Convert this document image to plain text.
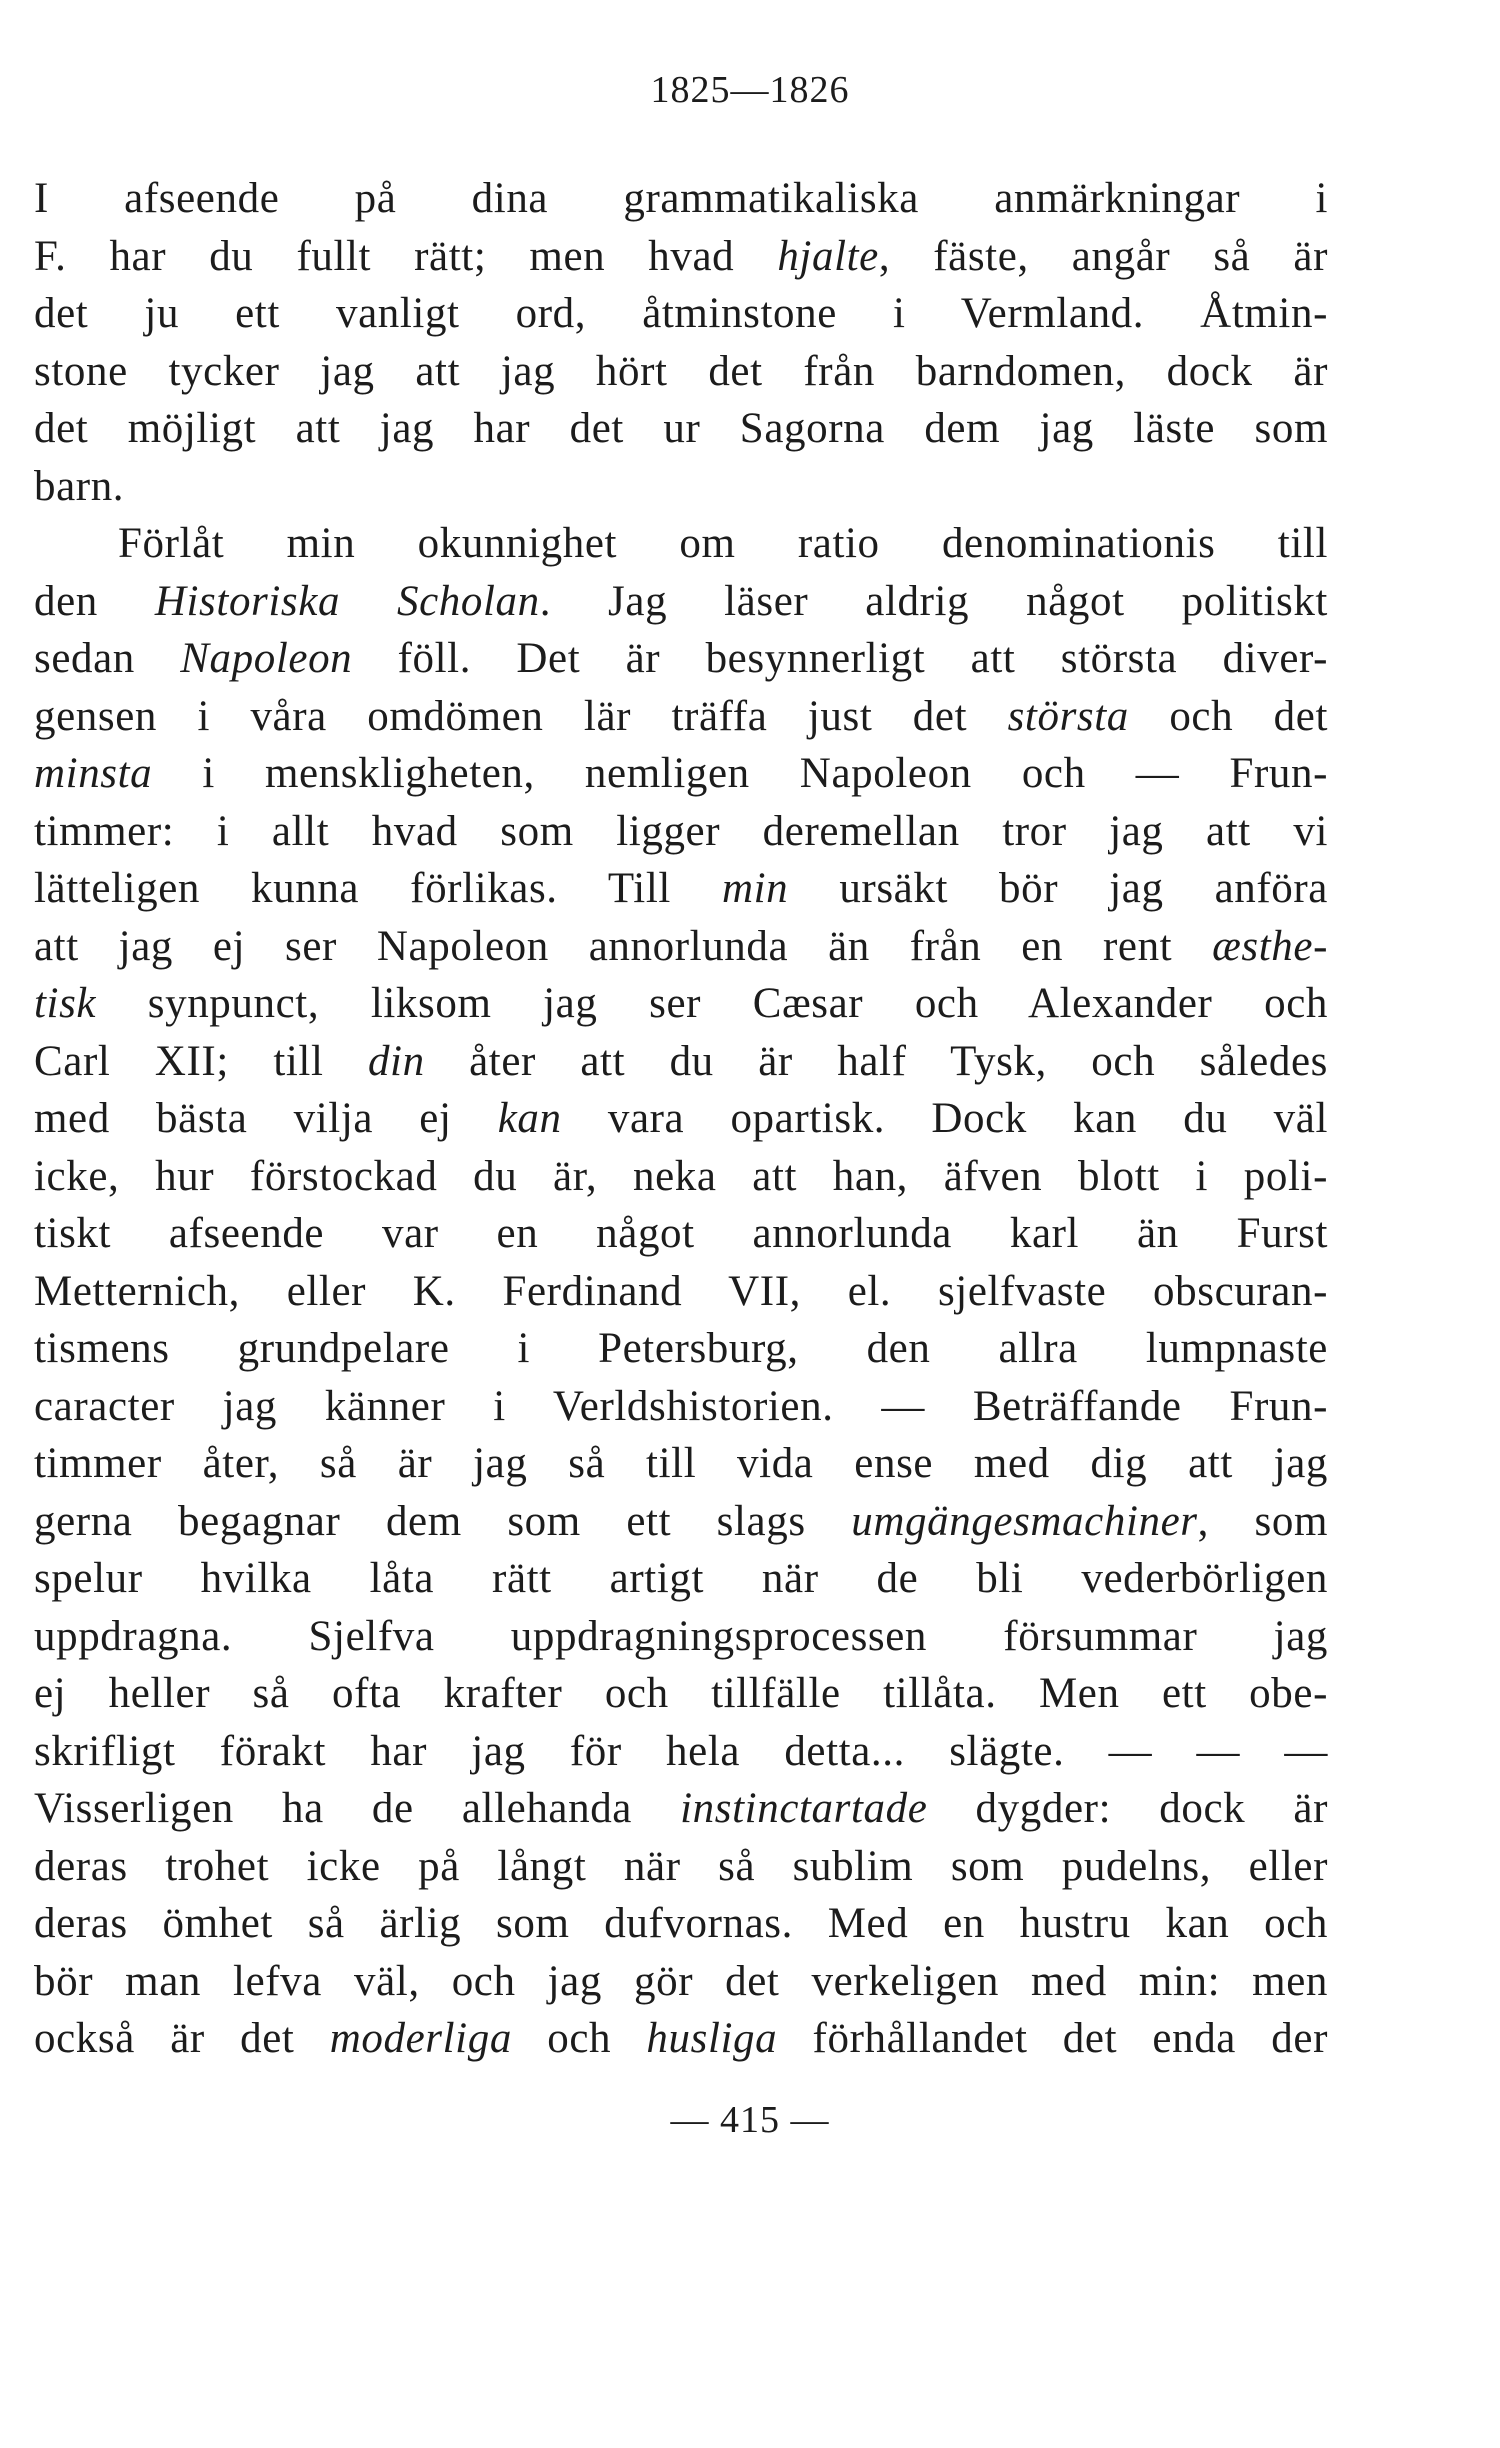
1825—1826
I afseende på dina grammatikaliska anmärkningar i
F. har du fullt rätt; men hvad hjalte, fäste, angår så är
det ju ett vanligt ord, åtminstone i Vermland. Åtmin-
stone tycker jag att jag hört det från barndomen, dock är
det möjligt att jag har det ur Sagorna dem jag läste som
barn.
Förlåt min okunnighet om ratio denominationis till
den Historiska Scholan. Jag läser aldrig något politiskt
sedan Napoleon föll. Det är besynnerligt att största diver-
gensen i våra omdömen lär träffa just det största och det
minsta i menskligheten, nemligen Napoleon och — Frun-
timmer: i allt hvad som ligger deremellan tror jag att vi
lätteligen kunna förlikas. Till min ursäkt bör jag anföra
att jag ej ser Napoleon annorlunda än från en rent æsthe-
tisk synpunct, liksom jag ser Cæsar och Alexander och
Carl XII; till din åter att du är half Tysk, och således
med bästa vilja ej kan vara opartisk. Dock kan du väl
icke, hur förstockad du är, neka att han, äfven blott i poli-
tiskt afseende var en något annorlunda karl än Furst
Metternich, eller K. Ferdinand VII, el. sjelfvaste obscuran-
tismens grundpelare i Petersburg, den allra lumpnaste
caracter jag känner i Verldshistorien. — Beträffande Frun-
timmer åter, så är jag så till vida ense med dig att jag
gerna begagnar dem som ett slags umgängesmachiner, som
spelur hvilka låta rätt artigt när de bli vederbörligen
uppdragna. Sjelfva uppdragningsprocessen försummar jag
ej heller så ofta krafter och tillfälle tillåta. Men ett obe-
skrifligt förakt har jag för hela detta... slägte. — — —
Visserligen ha de allehanda instinctartade dygder: dock är
deras trohet icke på långt när så sublim som pudelns, eller
deras ömhet så ärlig som dufvornas. Med en hustru kan och
bör man lefva väl, och jag gör det verkeligen med min: men
också är det moderliga och husliga förhållandet det enda der
— 415 —
